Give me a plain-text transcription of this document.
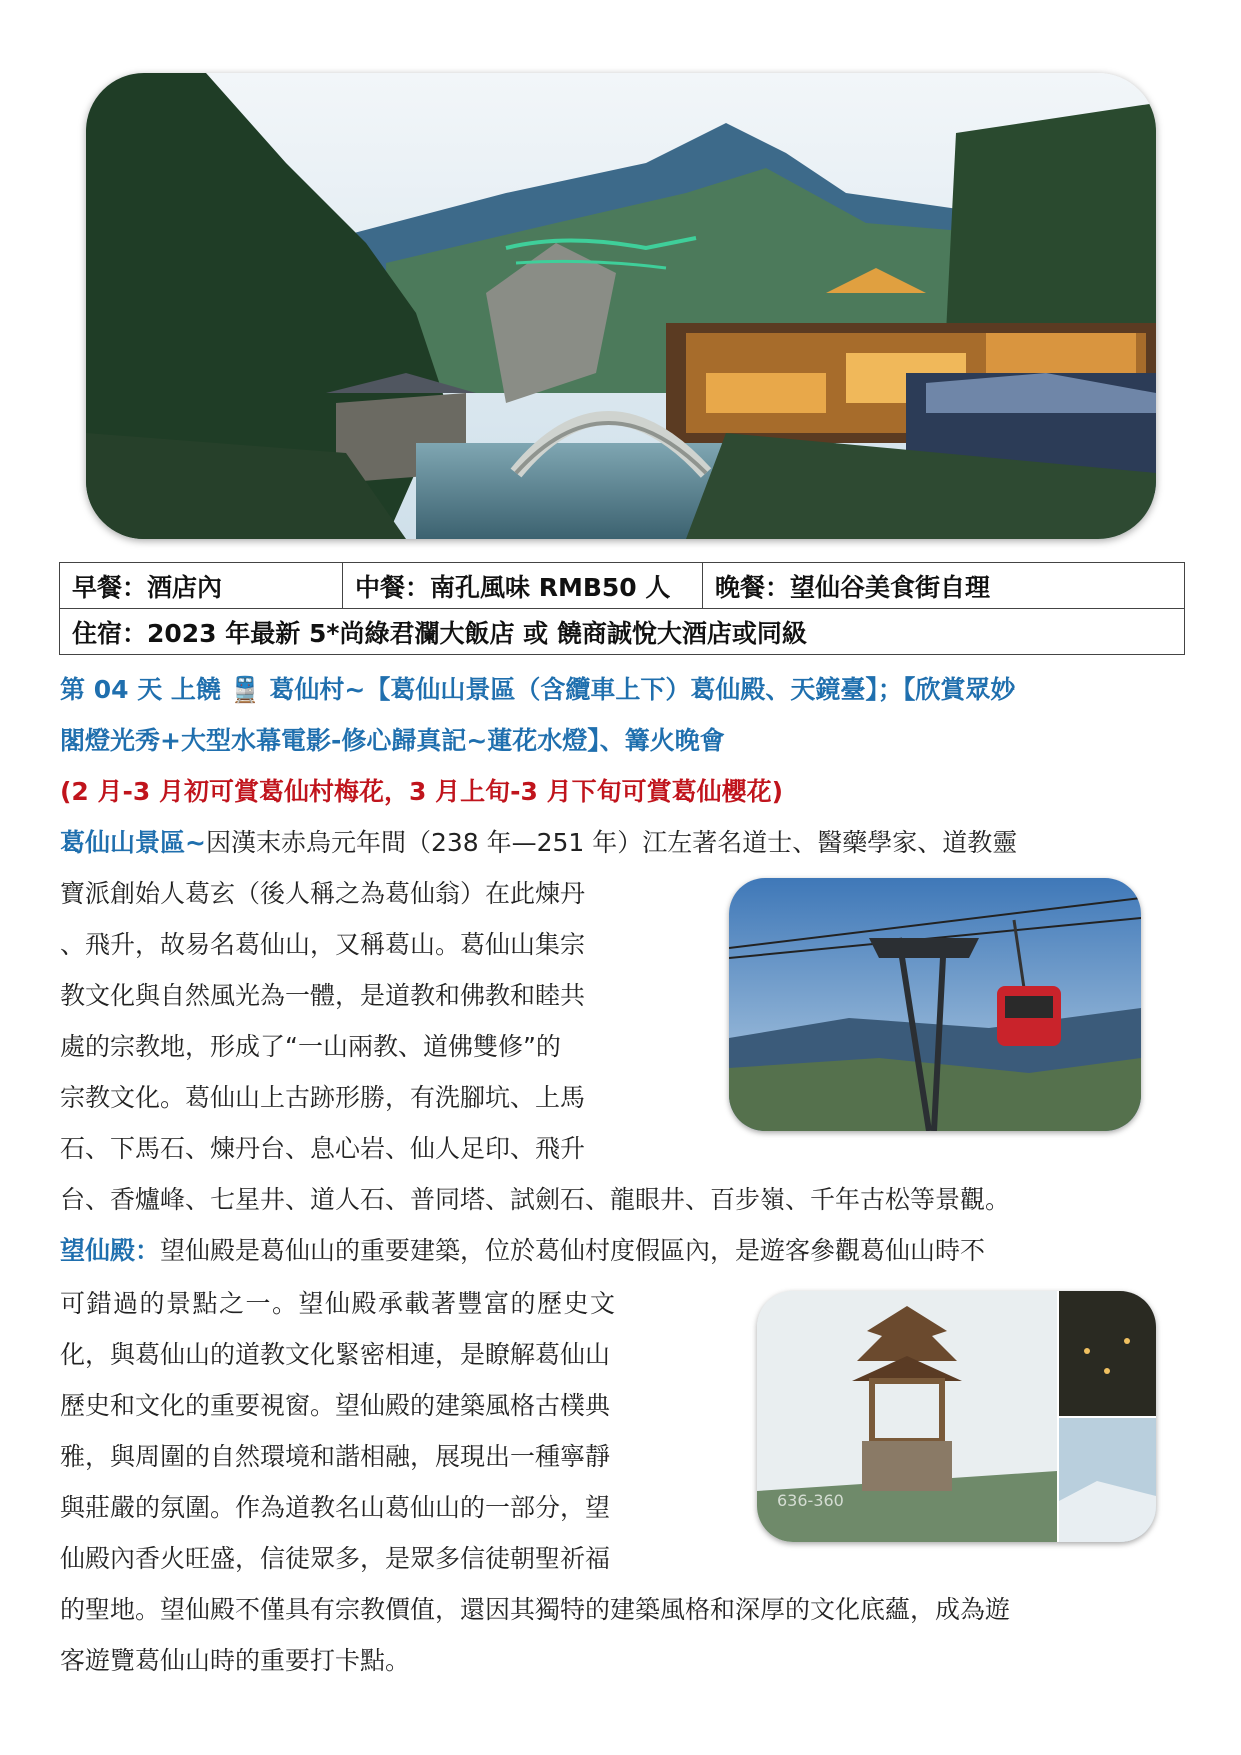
早餐：酒店內	中餐：南孔風味 RMB50 人	晚餐：望仙谷美食街自理
住宿：2023 年最新 5*尚綠君瀾大飯店 或 饒商誠悅大酒店或同級
第 04 天 上饒 🚆 葛仙村~【葛仙山景區（含纜車上下）葛仙殿、天鏡臺】；【欣賞眾妙
閣燈光秀+大型水幕電影-修心歸真記~蓮花水燈】、篝火晚會
(2 月-3 月初可賞葛仙村梅花，3 月上旬-3 月下旬可賞葛仙櫻花)
葛仙山景區~因漢末赤烏元年間（238 年—251 年）江左著名道士、醫藥學家、道教靈
寶派創始人葛玄（後人稱之為葛仙翁）在此煉丹
、飛升，故易名葛仙山，又稱葛山。葛仙山集宗
教文化與自然風光為一體，是道教和佛教和睦共
處的宗教地，形成了“一山兩教、道佛雙修”的
宗教文化。葛仙山上古跡形勝，有洗腳坑、上馬
石、下馬石、煉丹台、息心岩、仙人足印、飛升
台、香爐峰、七星井、道人石、普同塔、試劍石、龍眼井、百步嶺、千年古松等景觀。
望仙殿：望仙殿是葛仙山的重要建築，位於葛仙村度假區內，是遊客參觀葛仙山時不
可錯過的景點之一。望仙殿承載著豐富的歷史文
化，與葛仙山的道教文化緊密相連，是瞭解葛仙山
歷史和文化的重要視窗。望仙殿的建築風格古樸典
雅，與周圍的自然環境和諧相融，展現出一種寧靜
與莊嚴的氛圍。作為道教名山葛仙山的一部分，望
仙殿內香火旺盛，信徒眾多，是眾多信徒朝聖祈福
的聖地。望仙殿不僅具有宗教價值，還因其獨特的建築風格和深厚的文化底蘊，成為遊
客遊覽葛仙山時的重要打卡點。
636-360
